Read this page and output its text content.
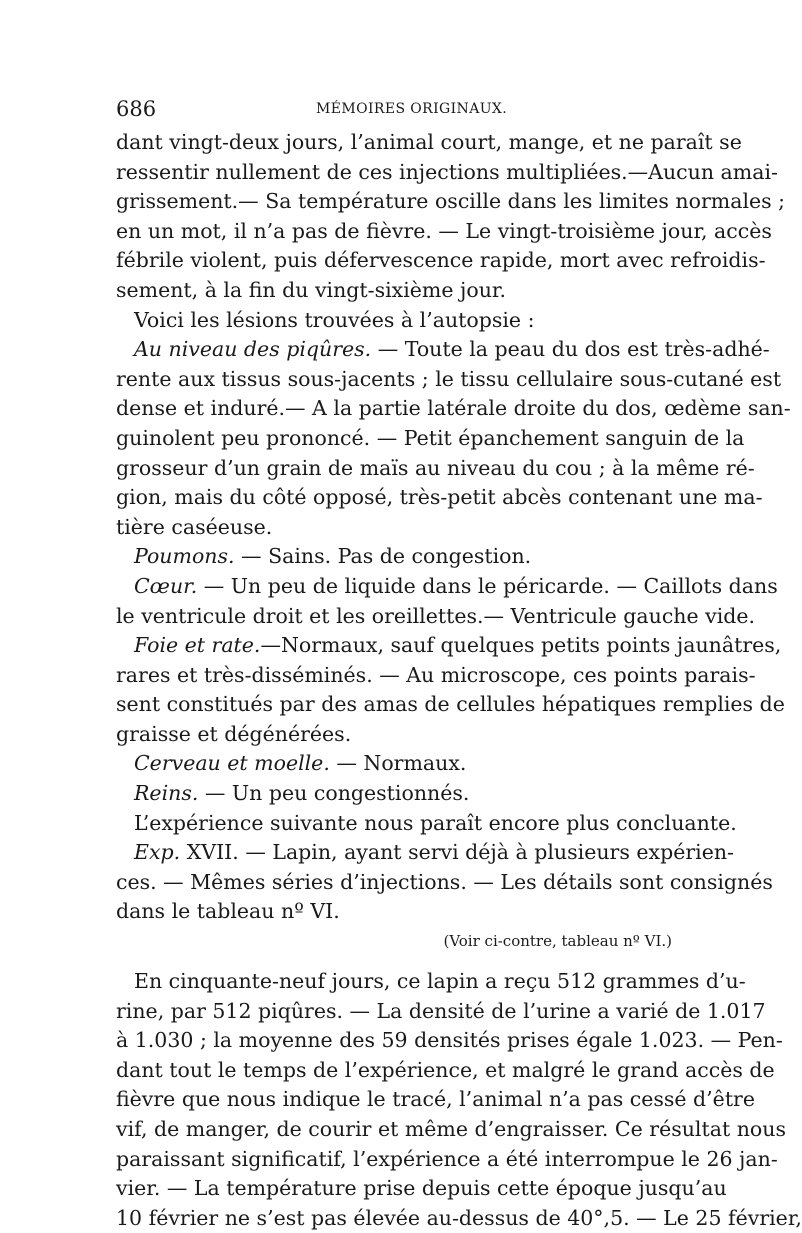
686	MÉMOIRES ORIGINAUX.
dant vingt-deux jours, l’animal court, mange, et ne paraît se
ressentir nullement de ces injections multipliées.—Aucun amai-
grissement.— Sa température oscille dans les limites normales ;
en un mot, il n’a pas de fièvre. — Le vingt-troisième jour, accès
fébrile violent, puis défervescence rapide, mort avec refroidis-
sement, à la fin du vingt-sixième jour.
Voici les lésions trouvées à l’autopsie :
Au niveau des piqûres. — Toute la peau du dos est très-adhé-
rente aux tissus sous-jacents ; le tissu cellulaire sous-cutané est
dense et induré.— A la partie latérale droite du dos, œdème san-
guinolent peu prononcé. — Petit épanchement sanguin de la
grosseur d’un grain de maïs au niveau du cou ; à la même ré-
gion, mais du côté opposé, très-petit abcès contenant une ma-
tière caséeuse.
Poumons. — Sains. Pas de congestion.
Cœur. — Un peu de liquide dans le péricarde. — Caillots dans
le ventricule droit et les oreillettes.— Ventricule gauche vide.
Foie et rate.—Normaux, sauf quelques petits points jaunâtres,
rares et très-disséminés. — Au microscope, ces points parais-
sent constitués par des amas de cellules hépatiques remplies de
graisse et dégénérées.
Cerveau et moelle. — Normaux.
Reins. — Un peu congestionnés.
L’expérience suivante nous paraît encore plus concluante.
Exp. XVII. — Lapin, ayant servi déjà à plusieurs expérien-
ces. — Mêmes séries d’injections. — Les détails sont consignés
dans le tableau nº VI.
(Voir ci-contre, tableau nº VI.)
En cinquante-neuf jours, ce lapin a reçu 512 grammes d’u-
rine, par 512 piqûres. — La densité de l’urine a varié de 1.017
à 1.030 ; la moyenne des 59 densités prises égale 1.023. — Pen-
dant tout le temps de l’expérience, et malgré le grand accès de
fièvre que nous indique le tracé, l’animal n’a pas cessé d’être
vif, de manger, de courir et même d’engraisser. Ce résultat nous
paraissant significatif, l’expérience a été interrompue le 26 jan-
vier. — La température prise depuis cette époque jusqu’au
10 février ne s’est pas élevée au-dessus de 40°,5. — Le 25 février,
